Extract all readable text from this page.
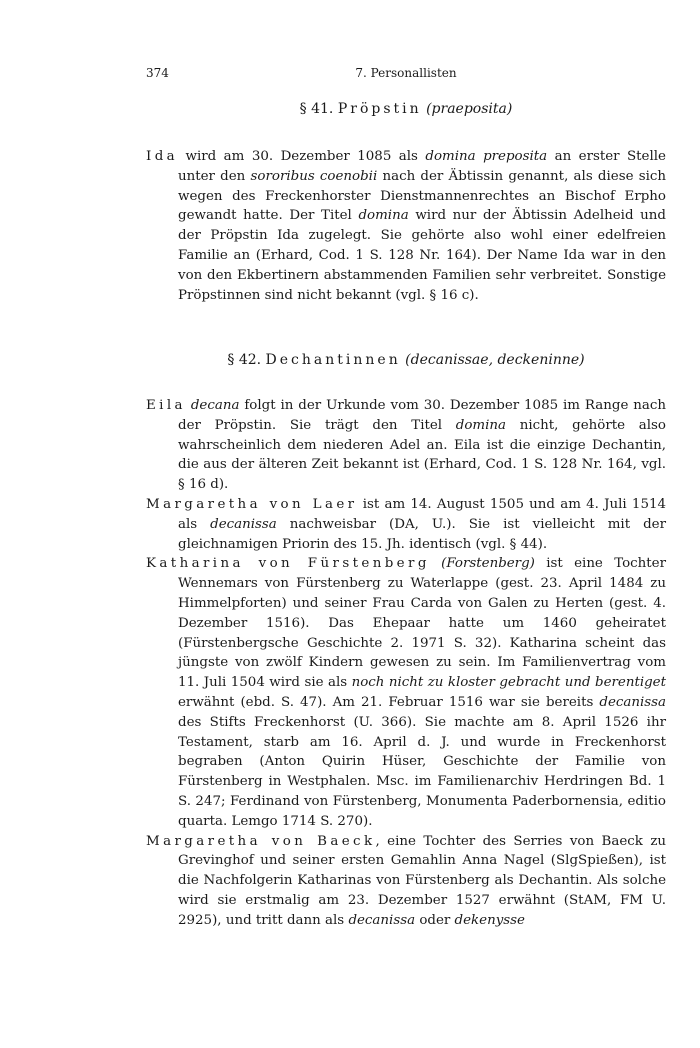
374	7. Personallisten
§ 41. Pröpstin (praeposita)

Ida wird am 30. Dezember 1085 als domina preposita an erster Stelle unter den sororibus coenobii nach der Äbtissin genannt, als diese sich wegen des Freckenhorster Dienstmannenrechtes an Bischof Erpho gewandt hatte. Der Titel domina wird nur der Äbtissin Adelheid und der Pröpstin Ida zugelegt. Sie gehörte also wohl einer edelfreien Familie an (Erhard, Cod. 1 S. 128 Nr. 164). Der Name Ida war in den von den Ekbertinern abstammenden Familien sehr verbreitet. Sonstige Pröpstinnen sind nicht bekannt (vgl. § 16 c).

§ 42. Dechantinnen (decanissae, deckeninne)

Eila decana folgt in der Urkunde vom 30. Dezember 1085 im Range nach der Pröpstin. Sie trägt den Titel domina nicht, gehörte also wahrscheinlich dem niederen Adel an. Eila ist die einzige Dechantin, die aus der älteren Zeit bekannt ist (Erhard, Cod. 1 S. 128 Nr. 164, vgl. § 16 d).

Margaretha von Laer ist am 14. August 1505 und am 4. Juli 1514 als decanissa nachweisbar (DA, U.). Sie ist vielleicht mit der gleichnamigen Priorin des 15. Jh. identisch (vgl. § 44).

Katharina von Fürstenberg (Forstenberg) ist eine Tochter Wennemars von Fürstenberg zu Waterlappe (gest. 23. April 1484 zu Himmelpforten) und seiner Frau Carda von Galen zu Herten (gest. 4. Dezember 1516). Das Ehepaar hatte um 1460 geheiratet (Fürstenbergsche Geschichte 2. 1971 S. 32). Katharina scheint das jüngste von zwölf Kindern gewesen zu sein. Im Familienvertrag vom 11. Juli 1504 wird sie als noch nicht zu kloster gebracht und berentiget erwähnt (ebd. S. 47). Am 21. Februar 1516 war sie bereits decanissa des Stifts Freckenhorst (U. 366). Sie machte am 8. April 1526 ihr Testament, starb am 16. April d. J. und wurde in Freckenhorst begraben (Anton Quirin Hüser, Geschichte der Familie von Fürstenberg in Westphalen. Msc. im Familienarchiv Herdringen Bd. 1 S. 247; Ferdinand von Fürstenberg, Monumenta Paderbornensia, editio quarta. Lemgo 1714 S. 270).

Margaretha von Baeck, eine Tochter des Serries von Baeck zu Grevinghof und seiner ersten Gemahlin Anna Nagel (SlgSpießen), ist die Nachfolgerin Katharinas von Fürstenberg als Dechantin. Als solche wird sie erstmalig am 23. Dezember 1527 erwähnt (StAM, FM U. 2925), und tritt dann als decanissa oder dekenysse
